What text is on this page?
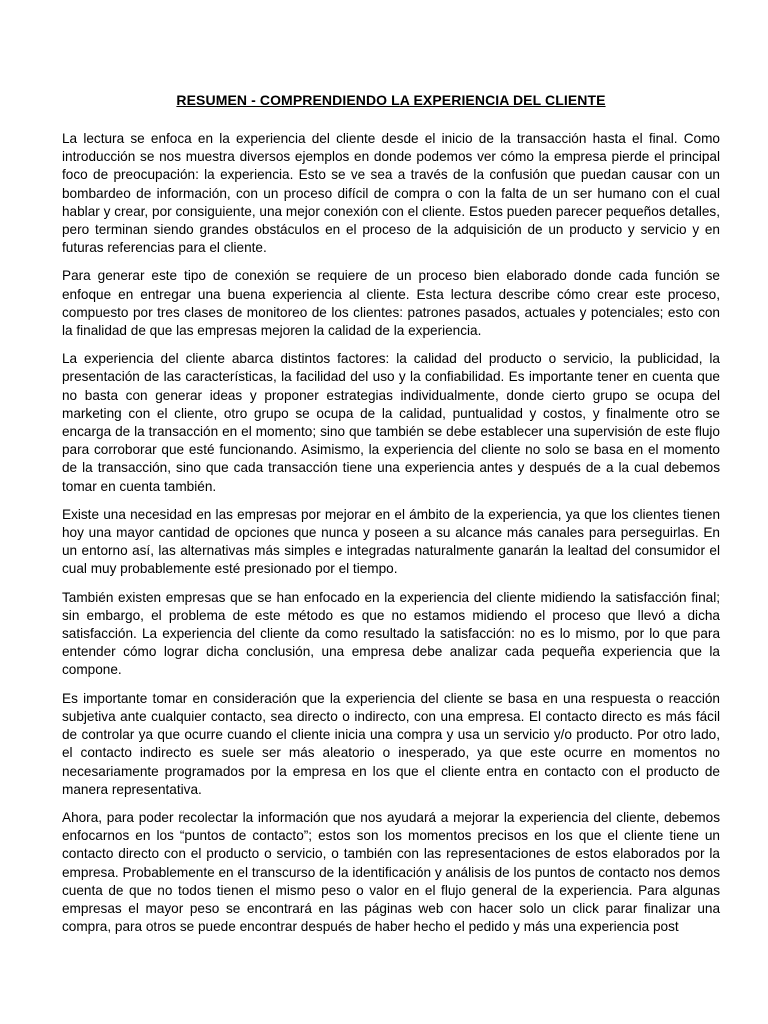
RESUMEN - COMPRENDIENDO LA EXPERIENCIA DEL CLIENTE

La lectura se enfoca en la experiencia del cliente desde el inicio de la transacción hasta el final. Como introducción se nos muestra diversos ejemplos en donde podemos ver cómo la empresa pierde el principal foco de preocupación: la experiencia. Esto se ve sea a través de la confusión que puedan causar con un bombardeo de información, con un proceso difícil de compra o con la falta de un ser humano con el cual hablar y crear, por consiguiente, una mejor conexión con el cliente. Estos pueden parecer pequeños detalles, pero terminan siendo grandes obstáculos en el proceso de la adquisición de un producto y servicio y en futuras referencias para el cliente.

Para generar este tipo de conexión se requiere de un proceso bien elaborado donde cada función se enfoque en entregar una buena experiencia al cliente. Esta lectura describe cómo crear este proceso, compuesto por tres clases de monitoreo de los clientes: patrones pasados, actuales y potenciales; esto con la finalidad de que las empresas mejoren la calidad de la experiencia.

La experiencia del cliente abarca distintos factores: la calidad del producto o servicio, la publicidad, la presentación de las características, la facilidad del uso y la confiabilidad. Es importante tener en cuenta que no basta con generar ideas y proponer estrategias individualmente, donde cierto grupo se ocupa del marketing con el cliente, otro grupo se ocupa de la calidad, puntualidad y costos, y finalmente otro se encarga de la transacción en el momento; sino que también se debe establecer una supervisión de este flujo para corroborar que esté funcionando. Asimismo, la experiencia del cliente no solo se basa en el momento de la transacción, sino que cada transacción tiene una experiencia antes y después de a la cual debemos tomar en cuenta también.

Existe una necesidad en las empresas por mejorar en el ámbito de la experiencia, ya que los clientes tienen hoy una mayor cantidad de opciones que nunca y poseen a su alcance más canales para perseguirlas. En un entorno así, las alternativas más simples e integradas naturalmente ganarán la lealtad del consumidor el cual muy probablemente esté presionado por el tiempo.

También existen empresas que se han enfocado en la experiencia del cliente midiendo la satisfacción final; sin embargo, el problema de este método es que no estamos midiendo el proceso que llevó a dicha satisfacción. La experiencia del cliente da como resultado la satisfacción: no es lo mismo, por lo que para entender cómo lograr dicha conclusión, una empresa debe analizar cada pequeña experiencia que la compone.

Es importante tomar en consideración que la experiencia del cliente se basa en una respuesta o reacción subjetiva ante cualquier contacto, sea directo o indirecto, con una empresa. El contacto directo es más fácil de controlar ya que ocurre cuando el cliente inicia una compra y usa un servicio y/o producto. Por otro lado, el contacto indirecto es suele ser más aleatorio o inesperado, ya que este ocurre en momentos no necesariamente programados por la empresa en los que el cliente entra en contacto con el producto de manera representativa.

Ahora, para poder recolectar la información que nos ayudará a mejorar la experiencia del cliente, debemos enfocarnos en los “puntos de contacto”; estos son los momentos precisos en los que el cliente tiene un contacto directo con el producto o servicio, o también con las representaciones de estos elaborados por la empresa. Probablemente en el transcurso de la identificación y análisis de los puntos de contacto nos demos cuenta de que no todos tienen el mismo peso o valor en el flujo general de la experiencia. Para algunas empresas el mayor peso se encontrará en las páginas web con hacer solo un click parar finalizar una compra, para otros se puede encontrar después de haber hecho el pedido y más una experiencia post
